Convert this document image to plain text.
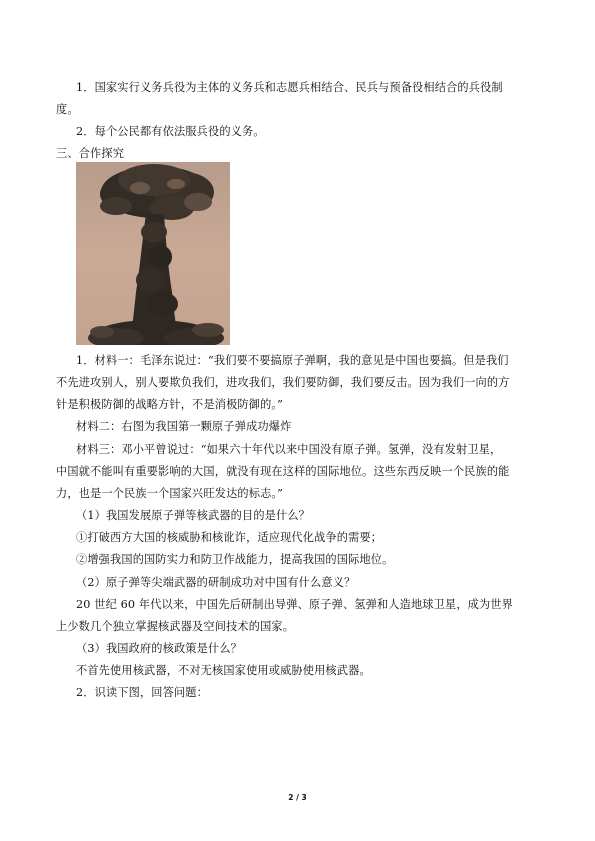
1．国家实行义务兵役为主体的义务兵和志愿兵相结合、民兵与预备役相结合的兵役制
度。
2．每个公民都有依法服兵役的义务。
三、合作探究
1．材料一：毛泽东说过：“我们要不要搞原子弹啊，我的意见是中国也要搞。但是我们
不先进攻别人，别人要欺负我们，进攻我们，我们要防御，我们要反击。因为我们一向的方
针是积极防御的战略方针，不是消极防御的。”
材料二：右图为我国第一颗原子弹成功爆炸
材料三：邓小平曾说过：“如果六十年代以来中国没有原子弹。氢弹，没有发射卫星，
中国就不能叫有重要影响的大国，就没有现在这样的国际地位。这些东西反映一个民族的能
力，也是一个民族一个国家兴旺发达的标志。”
（1）我国发展原子弹等核武器的目的是什么？
①打破西方大国的核威胁和核讹诈，适应现代化战争的需要；
②增强我国的国防实力和防卫作战能力，提高我国的国际地位。
（2）原子弹等尖端武器的研制成功对中国有什么意义？
20 世纪 60 年代以来，中国先后研制出导弹、原子弹、氢弹和人造地球卫星，成为世界
上少数几个独立掌握核武器及空间技术的国家。
（3）我国政府的核政策是什么？
不首先使用核武器，不对无核国家使用或威胁使用核武器。
2．识读下图，回答问题：
2 / 3
